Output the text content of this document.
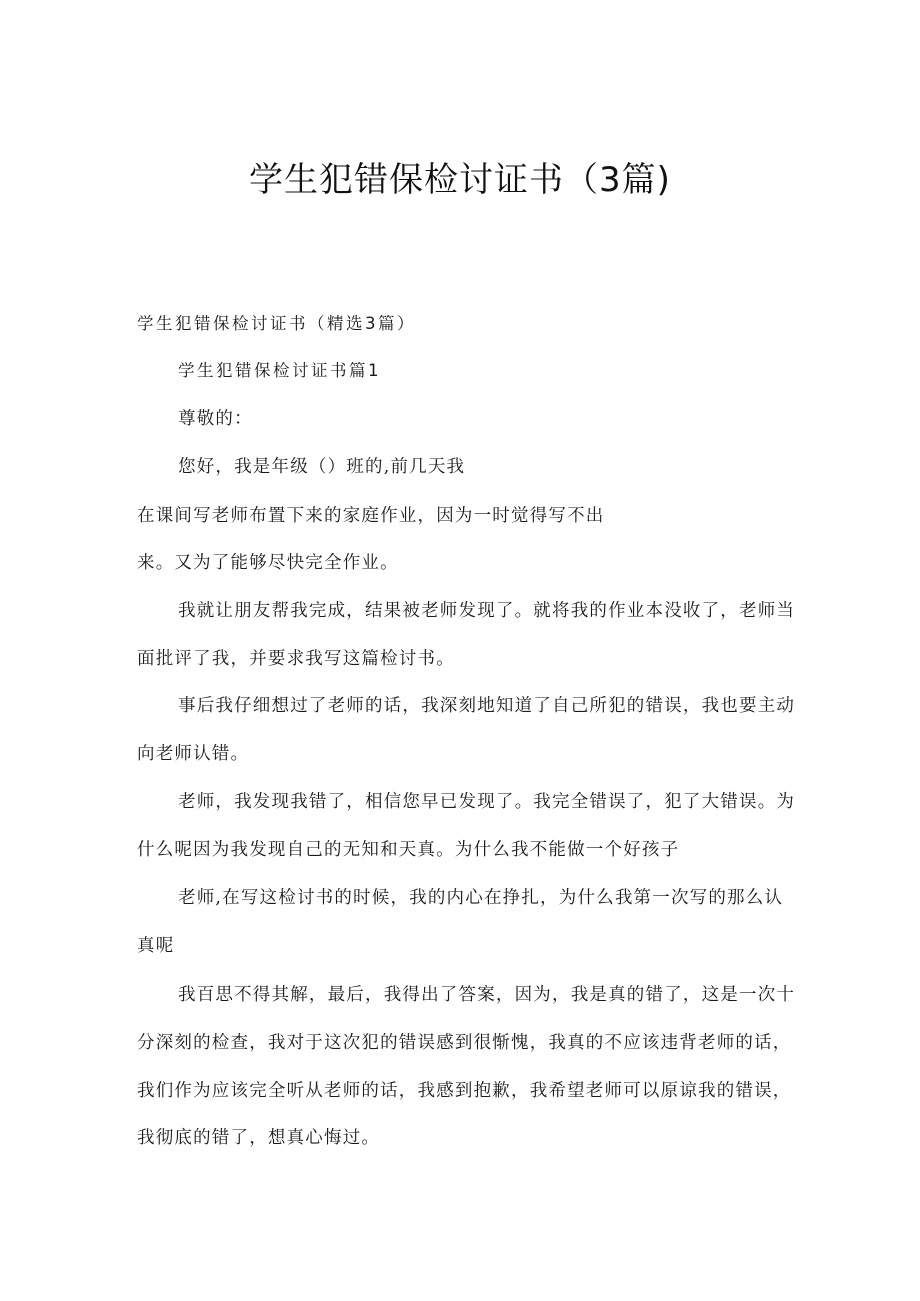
学生犯错保检讨证书（3篇)
学生犯错保检讨证书（精选3篇）
学生犯错保检讨证书篇1
尊敬的：
您好，我是年级（）班的,前几天我
在课间写老师布置下来的家庭作业，因为一时觉得写不出
来。又为了能够尽快完全作业。
我就让朋友帮我完成，结果被老师发现了。就将我的作业本没收了，老师当
面批评了我，并要求我写这篇检讨书。
事后我仔细想过了老师的话，我深刻地知道了自己所犯的错误，我也要主动
向老师认错。
老师，我发现我错了，相信您早已发现了。我完全错误了，犯了大错误。为
什么呢因为我发现自己的无知和天真。为什么我不能做一个好孩子
老师,在写这检讨书的时候，我的内心在挣扎，为什么我第一次写的那么认
真呢
我百思不得其解，最后，我得出了答案，因为，我是真的错了，这是一次十
分深刻的检查，我对于这次犯的错误感到很惭愧，我真的不应该违背老师的话，
我们作为应该完全听从老师的话，我感到抱歉，我希望老师可以原谅我的错误，
我彻底的错了，想真心悔过。
